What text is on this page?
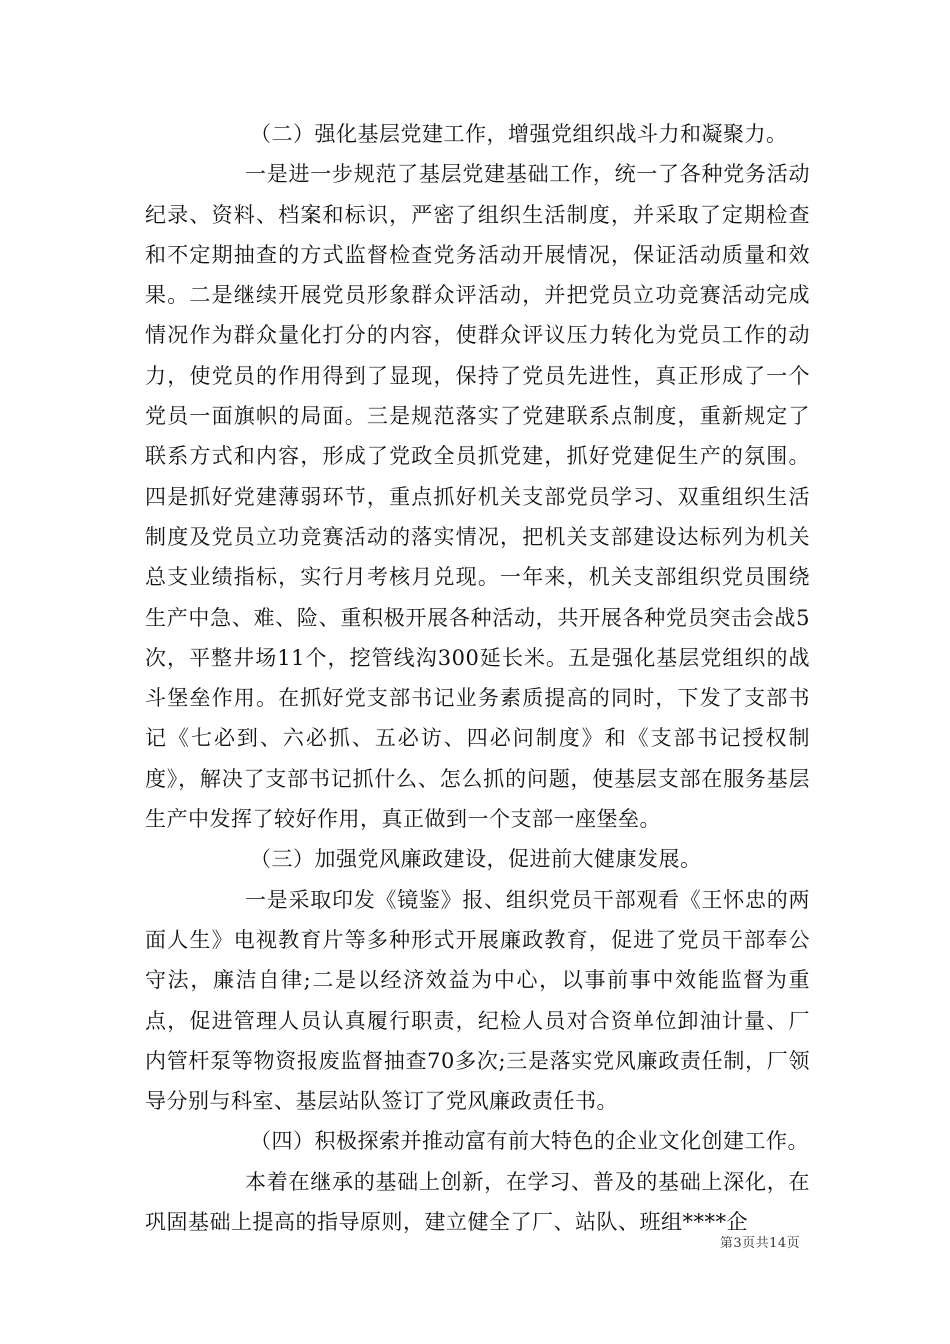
（二）强化基层党建工作，增强党组织战斗力和凝聚力。

一是进一步规范了基层党建基础工作，统一了各种党务活动纪录、资料、档案和标识，严密了组织生活制度，并采取了定期检查和不定期抽查的方式监督检查党务活动开展情况，保证活动质量和效果。二是继续开展党员形象群众评活动，并把党员立功竞赛活动完成情况作为群众量化打分的内容，使群众评议压力转化为党员工作的动力，使党员的作用得到了显现，保持了党员先进性，真正形成了一个党员一面旗帜的局面。三是规范落实了党建联系点制度，重新规定了联系方式和内容，形成了党政全员抓党建，抓好党建促生产的氛围。四是抓好党建薄弱环节，重点抓好机关支部党员学习、双重组织生活制度及党员立功竞赛活动的落实情况，把机关支部建设达标列为机关总支业绩指标，实行月考核月兑现。一年来，机关支部组织党员围绕生产中急、难、险、重积极开展各种活动，共开展各种党员突击会战5次，平整井场11个，挖管线沟300延长米。五是强化基层党组织的战斗堡垒作用。在抓好党支部书记业务素质提高的同时，下发了支部书记《七必到、六必抓、五必访、四必问制度》和《支部书记授权制度》，解决了支部书记抓什么、怎么抓的问题，使基层支部在服务基层生产中发挥了较好作用，真正做到一个支部一座堡垒。

（三）加强党风廉政建设，促进前大健康发展。

一是采取印发《镜鉴》报、组织党员干部观看《王怀忠的两面人生》电视教育片等多种形式开展廉政教育，促进了党员干部奉公守法，廉洁自律;二是以经济效益为中心，以事前事中效能监督为重点，促进管理人员认真履行职责，纪检人员对合资单位卸油计量、厂内管杆泵等物资报废监督抽查70多次;三是落实党风廉政责任制，厂领导分别与科室、基层站队签订了党风廉政责任书。

（四）积极探索并推动富有前大特色的企业文化创建工作。

本着在继承的基础上创新，在学习、普及的基础上深化，在巩固基础上提高的指导原则，建立健全了厂、站队、班组****企

第3页共14页
